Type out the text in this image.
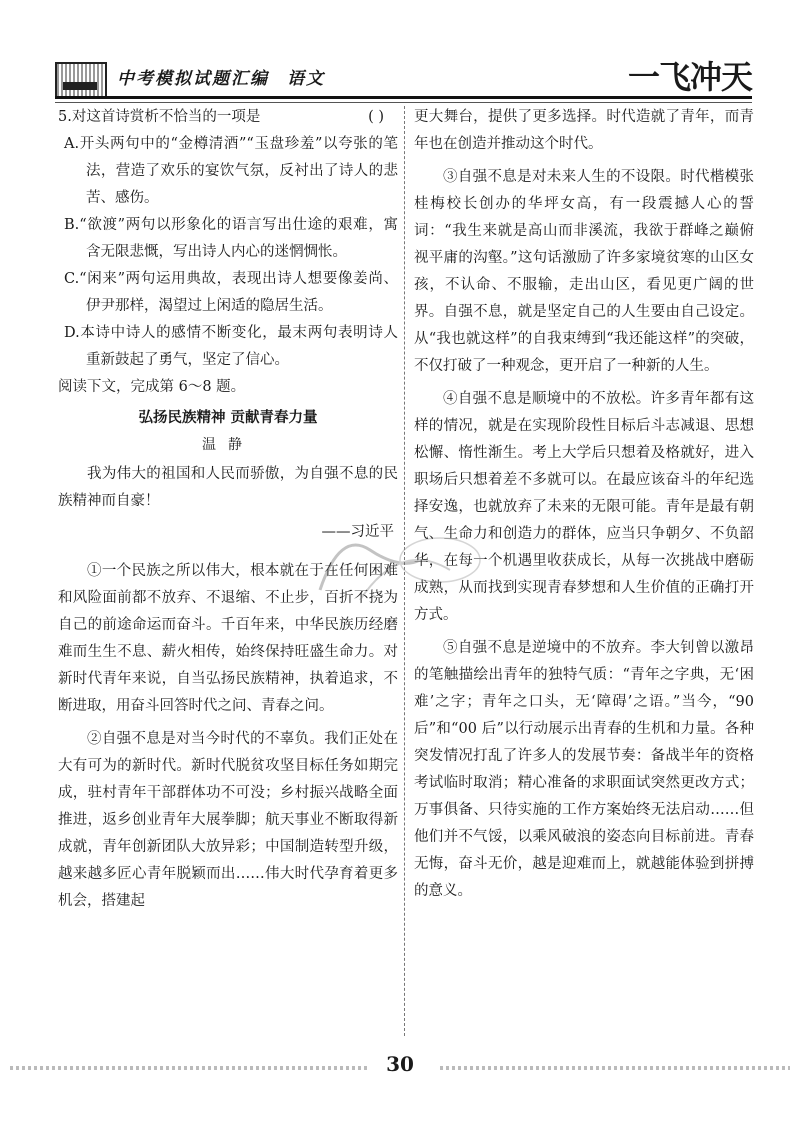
中考模拟试题汇编 语文	一飞冲天

5.对这首诗赏析不恰当的一项是	( )

A.开头两句中的“金樽清酒”“玉盘珍羞”以夸张的笔法，营造了欢乐的宴饮气氛，反衬出了诗人的悲苦、感伤。

B.“欲渡”两句以形象化的语言写出仕途的艰难，寓含无限悲慨，写出诗人内心的迷惘惆怅。

C.“闲来”两句运用典故，表现出诗人想要像姜尚、伊尹那样，渴望过上闲适的隐居生活。

D.本诗中诗人的感情不断变化，最末两句表明诗人重新鼓起了勇气，坚定了信心。

阅读下文，完成第 6～8 题。

弘扬民族精神 贡献青春力量

温静

我为伟大的祖国和人民而骄傲，为自强不息的民族精神而自豪！

——习近平

①一个民族之所以伟大，根本就在于在任何困难和风险面前都不放弃、不退缩、不止步，百折不挠为自己的前途命运而奋斗。千百年来，中华民族历经磨难而生生不息、薪火相传，始终保持旺盛生命力。对新时代青年来说，自当弘扬民族精神，执着追求，不断进取，用奋斗回答时代之问、青春之问。

②自强不息是对当今时代的不辜负。我们正处在大有可为的新时代。新时代脱贫攻坚目标任务如期完成，驻村青年干部群体功不可没；乡村振兴战略全面推进，返乡创业青年大展拳脚；航天事业不断取得新成就，青年创新团队大放异彩；中国制造转型升级，越来越多匠心青年脱颖而出……伟大时代孕育着更多机会，搭建起

更大舞台，提供了更多选择。时代造就了青年，而青年也在创造并推动这个时代。

③自强不息是对未来人生的不设限。时代楷模张桂梅校长创办的华坪女高，有一段震撼人心的誓词：“我生来就是高山而非溪流，我欲于群峰之巅俯视平庸的沟壑。”这句话激励了许多家境贫寒的山区女孩，不认命、不服输，走出山区，看见更广阔的世界。自强不息，就是坚定自己的人生要由自己设定。从“我也就这样”的自我束缚到“我还能这样”的突破，不仅打破了一种观念，更开启了一种新的人生。

④自强不息是顺境中的不放松。许多青年都有这样的情况，就是在实现阶段性目标后斗志减退、思想松懈、惰性渐生。考上大学后只想着及格就好，进入职场后只想着差不多就可以。在最应该奋斗的年纪选择安逸，也就放弃了未来的无限可能。青年是最有朝气、生命力和创造力的群体，应当只争朝夕、不负韶华，在每一个机遇里收获成长，从每一次挑战中磨砺成熟，从而找到实现青春梦想和人生价值的正确打开方式。

⑤自强不息是逆境中的不放弃。李大钊曾以激昂的笔触描绘出青年的独特气质：“青年之字典，无‘困难’之字；青年之口头，无‘障碍’之语。”当今，“90 后”和“00 后”以行动展示出青春的生机和力量。各种突发情况打乱了许多人的发展节奏：备战半年的资格考试临时取消；精心准备的求职面试突然更改方式；万事俱备、只待实施的工作方案始终无法启动……但他们并不气馁，以乘风破浪的姿态向目标前进。青春无悔，奋斗无价，越是迎难而上，就越能体验到拼搏的意义。

30
